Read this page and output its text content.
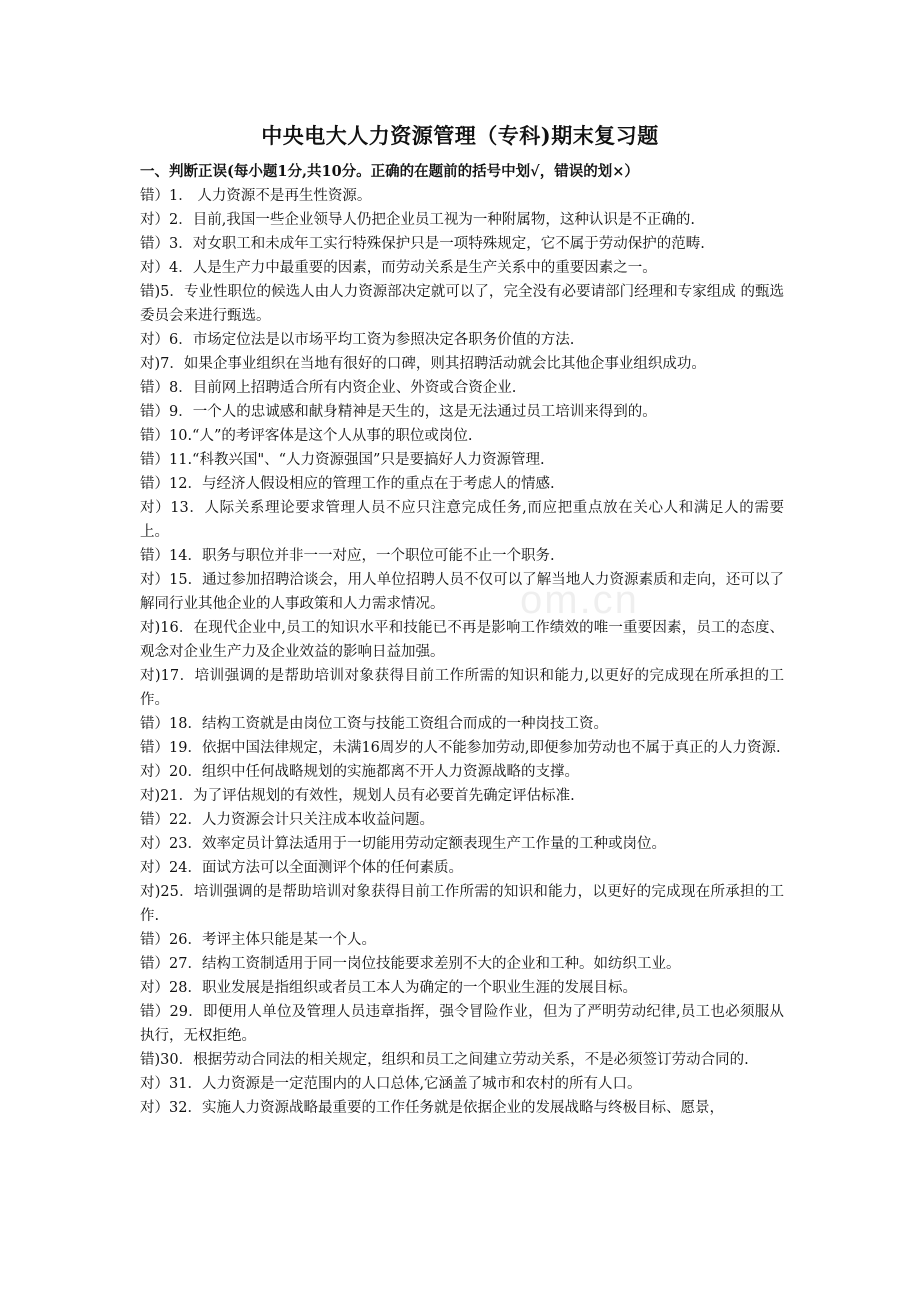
中央电大人力资源管理（专科)期末复习题
一、判断正误(每小题1分,共10分。正确的在题前的括号中划√，错误的划×）

错）1． 人力资源不是再生性资源。

对）2．目前,我国一些企业领导人仍把企业员工视为一种附属物，这种认识是不正确的.

错）3．对女职工和未成年工实行特殊保护只是一项特殊规定，它不属于劳动保护的范畴.

对）4．人是生产力中最重要的因素，而劳动关系是生产关系中的重要因素之一。

错)5．专业性职位的候选人由人力资源部决定就可以了，完全没有必要请部门经理和专家组成 的甄选委员会来进行甄选。

对）6．市场定位法是以市场平均工资为参照决定各职务价值的方法.

对)7．如果企事业组织在当地有很好的口碑，则其招聘活动就会比其他企事业组织成功。

错）8．目前网上招聘适合所有内资企业、外资或合资企业.

错）9．一个人的忠诚感和献身精神是天生的，这是无法通过员工培训来得到的。

错）10.“人”的考评客体是这个人从事的职位或岗位.

错）11.“科教兴国"、“人力资源强国”只是要搞好人力资源管理.

错）12．与经济人假设相应的管理工作的重点在于考虑人的情感.

对）13．人际关系理论要求管理人员不应只注意完成任务,而应把重点放在关心人和满足人的需要上。

错）14．职务与职位并非一一对应，一个职位可能不止一个职务.

对）15．通过参加招聘洽谈会，用人单位招聘人员不仅可以了解当地人力资源素质和走向，还可以了解同行业其他企业的人事政策和人力需求情况。

对)16．在现代企业中,员工的知识水平和技能已不再是影响工作绩效的唯一重要因素，员工的态度、观念对企业生产力及企业效益的影响日益加强。

对)17．培训强调的是帮助培训对象获得目前工作所需的知识和能力,以更好的完成现在所承担的工作。

错）18．结构工资就是由岗位工资与技能工资组合而成的一种岗技工资。

错）19．依据中国法律规定，未满16周岁的人不能参加劳动,即便参加劳动也不属于真正的人力资源.

对）20．组织中任何战略规划的实施都离不开人力资源战略的支撑。

对)21．为了评估规划的有效性，规划人员有必要首先确定评估标准.

错）22．人力资源会计只关注成本收益问题。

对）23．效率定员计算法适用于一切能用劳动定额表现生产工作量的工种或岗位。

对）24．面试方法可以全面测评个体的任何素质。

对)25．培训强调的是帮助培训对象获得目前工作所需的知识和能力，以更好的完成现在所承担的工作.

错）26．考评主体只能是某一个人。

错）27．结构工资制适用于同一岗位技能要求差别不大的企业和工种。如纺织工业。

对）28．职业发展是指组织或者员工本人为确定的一个职业生涯的发展目标。

错）29．即便用人单位及管理人员违章指挥，强令冒险作业，但为了严明劳动纪律,员工也必须服从执行，无权拒绝。

错)30．根据劳动合同法的相关规定，组织和员工之间建立劳动关系，不是必须签订劳动合同的.

对）31．人力资源是一定范围内的人口总体,它涵盖了城市和农村的所有人口。

对）32．实施人力资源战略最重要的工作任务就是依据企业的发展战略与终极目标、愿景，

om.cn
